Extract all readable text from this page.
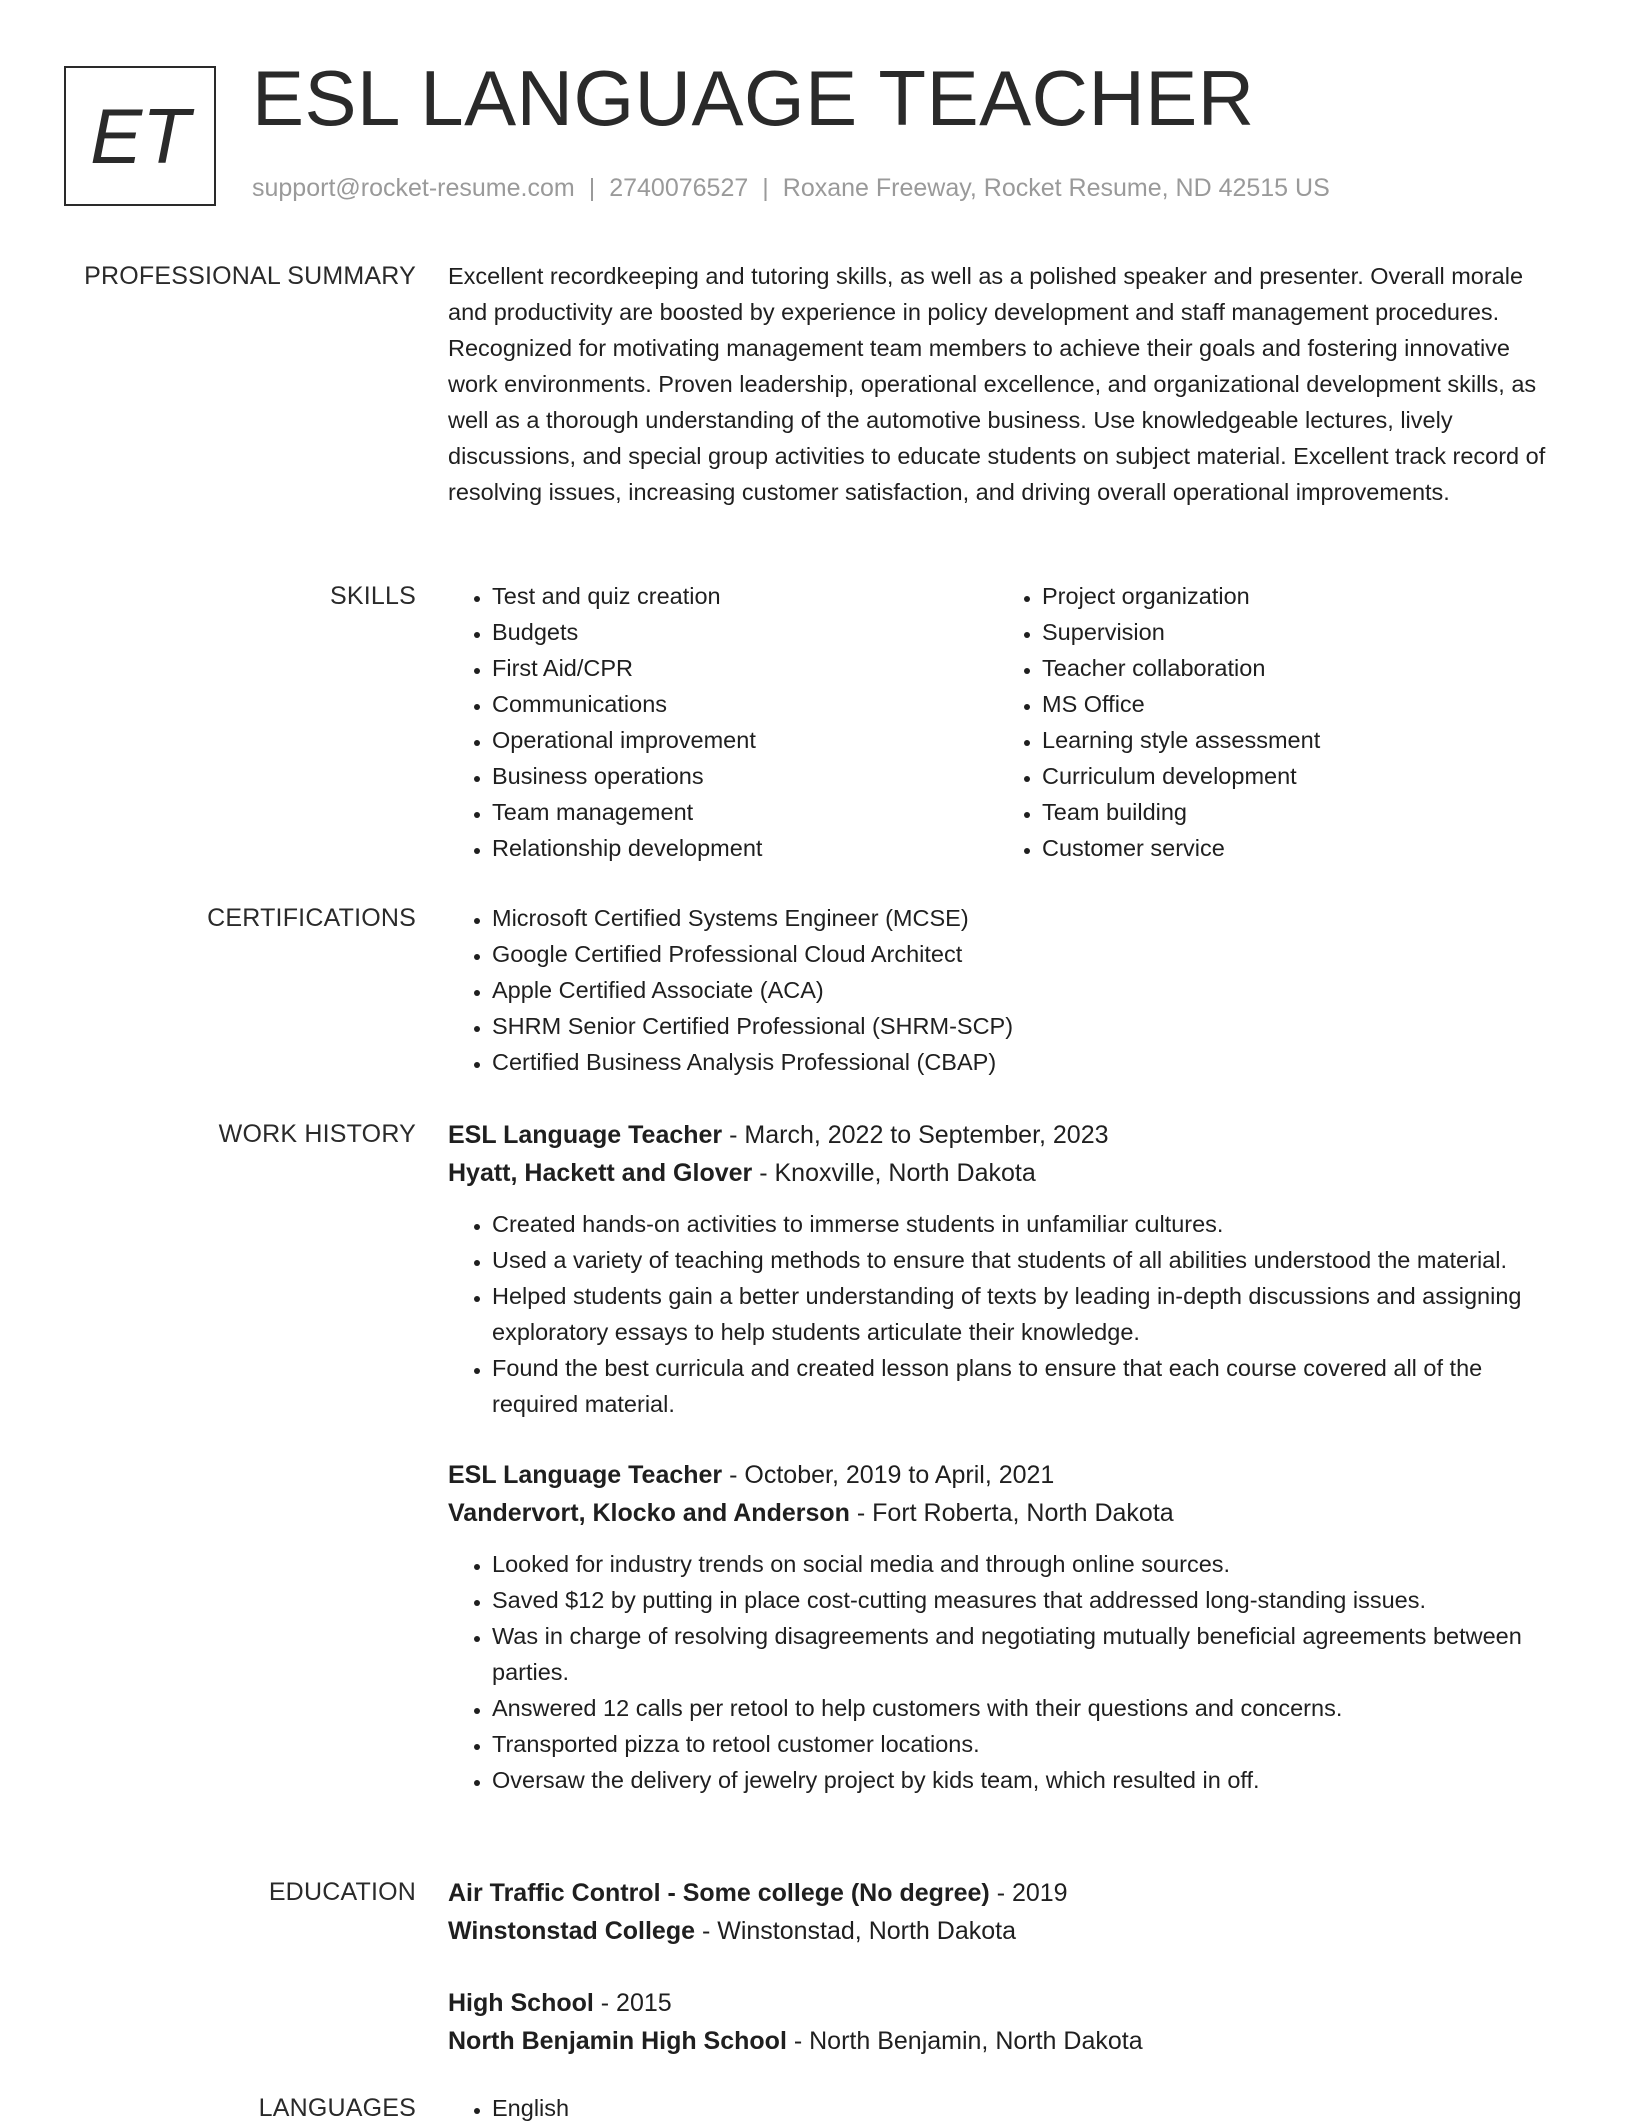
ET ESL LANGUAGE TEACHER
support@rocket-resume.com | 2740076527 | Roxane Freeway, Rocket Resume, ND 42515 US
PROFESSIONAL SUMMARY Excellent recordkeeping and tutoring skills, as well as a polished speaker and presenter. Overall morale and productivity are boosted by experience in policy development and staff management procedures. Recognized for motivating management team members to achieve their goals and fostering innovative work environments. Proven leadership, operational excellence, and organizational development skills, as well as a thorough understanding of the automotive business. Use knowledgeable lectures, lively discussions, and special group activities to educate students on subject material. Excellent track record of resolving issues, increasing customer satisfaction, and driving overall operational improvements.

SKILLS	• Test and quiz creation
• Budgets
• First Aid/CPR
• Communications
• Operational improvement
• Business operations
• Team management
• Relationship development
• Project organization
• Supervision
• Teacher collaboration
• MS Office
• Learning style assessment
• Curriculum development
• Team building
• Customer service
CERTIFICATIONS	• Microsoft Certified Systems Engineer (MCSE)
• Google Certified Professional Cloud Architect
• Apple Certified Associate (ACA)
• SHRM Senior Certified Professional (SHRM-SCP)
• Certified Business Analysis Professional (CBAP)
WORK HISTORY ESL Language Teacher - March, 2022 to September, 2023
Hyatt, Hackett and Glover - Knoxville, North Dakota
• Created hands-on activities to immerse students in unfamiliar cultures.
• Used a variety of teaching methods to ensure that students of all abilities understood the material.
• Helped students gain a better understanding of texts by leading in-depth discussions and assigning exploratory essays to help students articulate their knowledge.
• Found the best curricula and created lesson plans to ensure that each course covered all of the required material.
ESL Language Teacher - October, 2019 to April, 2021
Vandervort, Klocko and Anderson - Fort Roberta, North Dakota
• Looked for industry trends on social media and through online sources.
• Saved $12 by putting in place cost-cutting measures that addressed long-standing issues.
• Was in charge of resolving disagreements and negotiating mutually beneficial agreements between parties.
• Answered 12 calls per retool to help customers with their questions and concerns.
• Transported pizza to retool customer locations.
• Oversaw the delivery of jewelry project by kids team, which resulted in off.
EDUCATION Air Traffic Control - Some college (No degree) - 2019
Winstonstad College - Winstonstad, North Dakota
High School - 2015
North Benjamin High School - North Benjamin, North Dakota
LANGUAGES	• English
